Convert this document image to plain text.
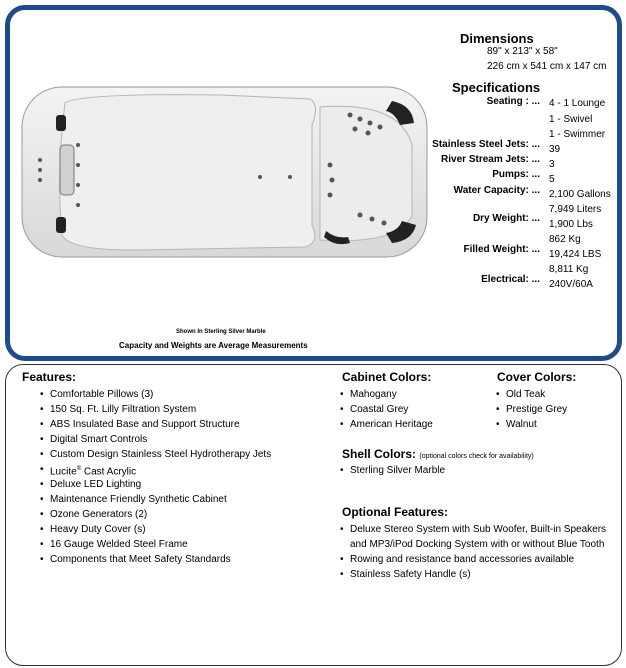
Dimensions
89" x 213" x 58"
226 cm x 541 cm x 147 cm
Specifications
Seating : ... 4 - 1 Lounge
1 - Swivel
1 - Swimmer
Stainless Steel Jets: ... 39
River Stream Jets: ... 3
Pumps: ... 5
Water Capacity: ... 2,100 Gallons
7,949 Liters
Dry Weight: ...
1,900 Lbs
862 Kg
Filled Weight: ... 19,424 LBS
8,811 Kg
Electrical: ... 240V/60A
Shown In Sterling Silver Marble
Capacity and Weights are Average Measurements
Features:
• Comfortable Pillows (3)
• 150 Sq. Ft. Lilly Filtration System
• ABS Insulated Base and Support Structure
• Digital Smart Controls
• Custom Design Stainless Steel Hydrotherapy Jets
• Lucite® Cast Acrylic
• Deluxe LED Lighting
• Maintenance Friendly Synthetic Cabinet
• Ozone Generators (2)
• Heavy Duty Cover (s)
• 16 Gauge Welded Steel Frame
• Components that Meet Safety Standards
Cabinet Colors:
• Mahogany
• Coastal Grey
• American Heritage
Cover Colors:
• Old Teak
• Prestige Grey
• Walnut
Shell Colors: (optional colors check for availability)
• Sterling Silver Marble
Optional Features:
• Deluxe Stereo System with Sub Woofer, Built-in Speakers
and MP3/iPod Docking System with or without Blue Tooth
• Rowing and resistance band accessories available
• Stainless Safety Handle (s)
